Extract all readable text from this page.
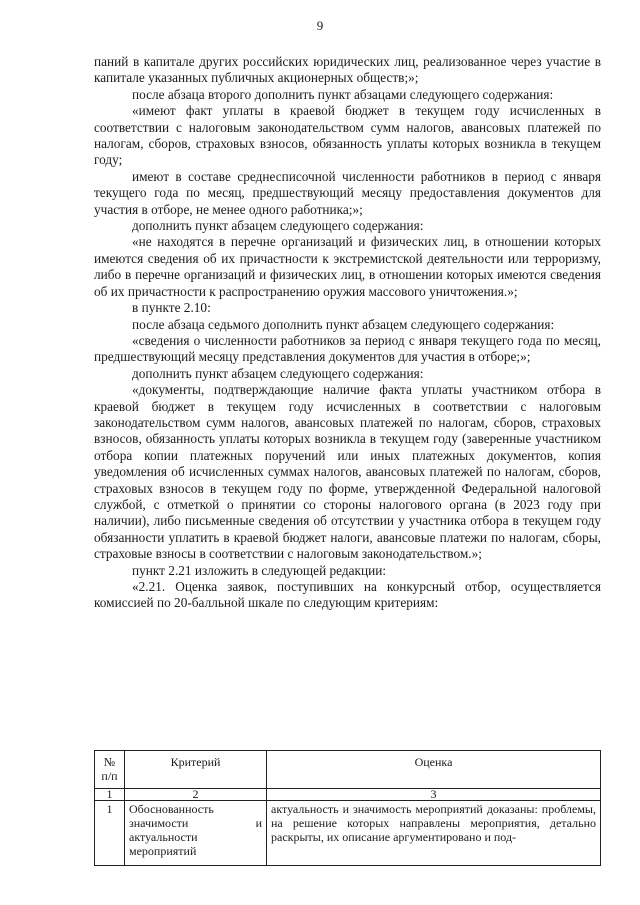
9

паний в капитале других российских юридических лиц, реализованное через участие в капитале указанных публичных акционерных обществ;»;

после абзаца второго дополнить пункт абзацами следующего содержания:

«имеют факт уплаты в краевой бюджет в текущем году исчисленных в соответствии с налоговым законодательством сумм налогов, авансовых платежей по налогам, сборов, страховых взносов, обязанность уплаты которых возникла в текущем году;

имеют в составе среднесписочной численности работников в период с января текущего года по месяц, предшествующий месяцу предоставления документов для участия в отборе, не менее одного работника;»;

дополнить пункт абзацем следующего содержания:

«не находятся в перечне организаций и физических лиц, в отношении которых имеются сведения об их причастности к экстремистской деятельности или терроризму, либо в перечне организаций и физических лиц, в отношении которых имеются сведения об их причастности к распространению оружия массового уничтожения.»;

в пункте 2.10:

после абзаца седьмого дополнить пункт абзацем следующего содержания:

«сведения о численности работников за период с января текущего года по месяц, предшествующий месяцу представления документов для участия в отборе;»;

дополнить пункт абзацем следующего содержания:

«документы, подтверждающие наличие факта уплаты участником отбора в краевой бюджет в текущем году исчисленных в соответствии с налоговым законодательством сумм налогов, авансовых платежей по налогам, сборов, страховых взносов, обязанность уплаты которых возникла в текущем году (заверенные участником отбора копии платежных поручений или иных платежных документов, копия уведомления об исчисленных суммах налогов, авансовых платежей по налогам, сборов, страховых взносов в текущем году по форме, утвержденной Федеральной налоговой службой, с отметкой о принятии со стороны налогового органа (в 2023 году при наличии), либо письменные сведения об отсутствии у участника отбора в текущем году обязанности уплатить в краевой бюджет налоги, авансовые платежи по налогам, сборы, страховые взносы в соответствии с налоговым законодательством.»;

пункт 2.21 изложить в следующей редакции:

«2.21. Оценка заявок, поступивших на конкурсный отбор, осуществляется комиссией по 20-балльной шкале по следующим критериям:

№ п/п	Критерий	Оценка
1	2	3
1	Обоснованность значимости и актуальности мероприятий	актуальность и значимость мероприятий доказаны: проблемы, на решение которых направлены мероприятия, детально раскрыты, их описание аргументировано и под-
